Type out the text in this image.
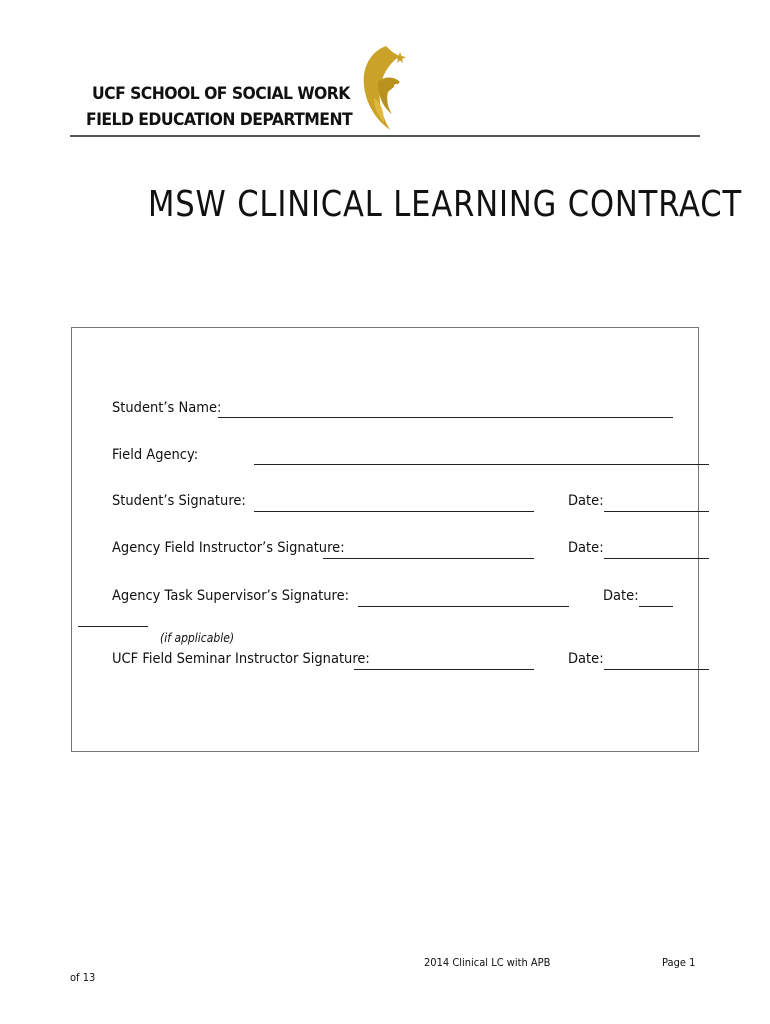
UCF SCHOOL OF SOCIAL WORK
FIELD EDUCATION DEPARTMENT
MSW CLINICAL LEARNING CONTRACT
Student’s Name:
Field Agency:
Student’s Signature:	Date:
Agency Field Instructor’s Signature:	Date:
Agency Task Supervisor’s Signature:	Date:
(if applicable)
UCF Field Seminar Instructor Signature:	Date:
2014 Clinical LC with APB	Page 1
of 13
